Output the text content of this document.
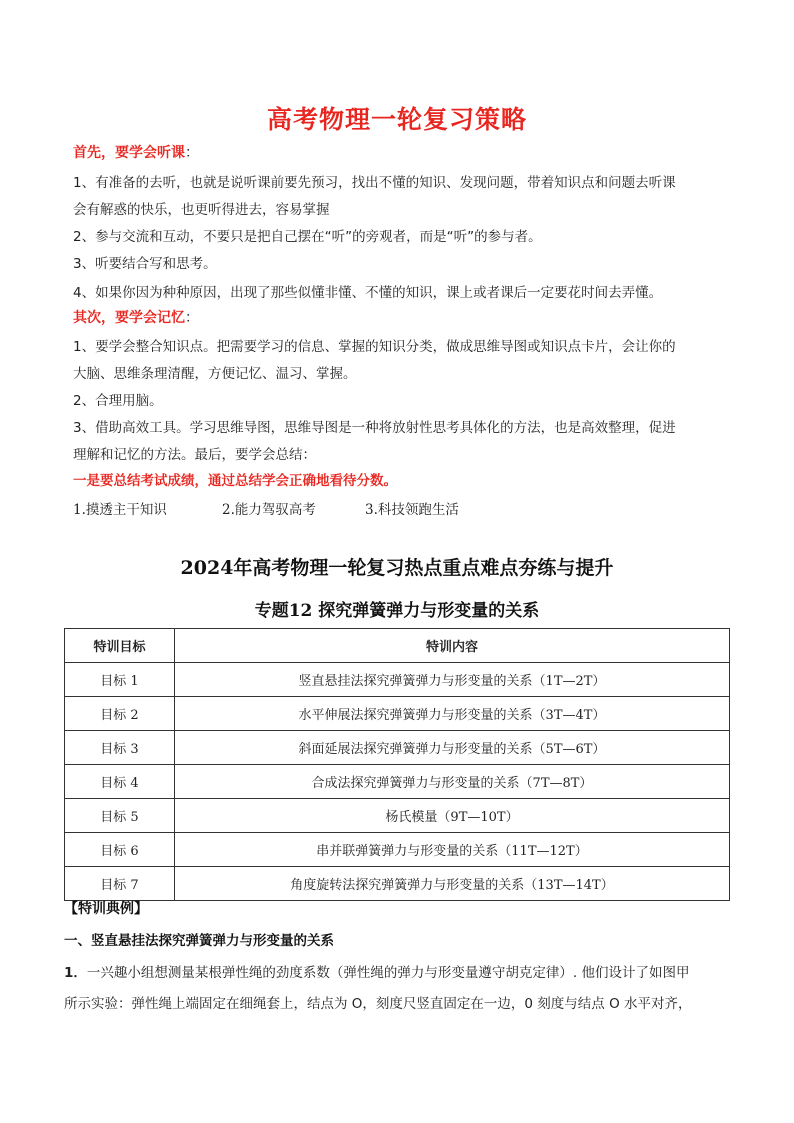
高考物理一轮复习策略
首先，要学会听课：
1、有准备的去听，也就是说听课前要先预习，找出不懂的知识、发现问题，带着知识点和问题去听课
会有解惑的快乐，也更听得进去，容易掌握
2、参与交流和互动，不要只是把自己摆在“听”的旁观者，而是“听”的参与者。
3、听要结合写和思考。
4、如果你因为种种原因，出现了那些似懂非懂、不懂的知识，课上或者课后一定要花时间去弄懂。
其次，要学会记忆：
1、要学会整合知识点。把需要学习的信息、掌握的知识分类，做成思维导图或知识点卡片，会让你的
大脑、思维条理清醒，方便记忆、温习、掌握。
2、合理用脑。
3、借助高效工具。学习思维导图，思维导图是一种将放射性思考具体化的方法，也是高效整理，促进
理解和记忆的方法。最后，要学会总结：
一是要总结考试成绩，通过总结学会正确地看待分数。
1.摸透主干知识	2.能力驾驭高考	3.科技领跑生活
2024年高考物理一轮复习热点重点难点夯练与提升
专题12 探究弹簧弹力与形变量的关系
特训目标	特训内容
目标 1	竖直悬挂法探究弹簧弹力与形变量的关系（1T—2T）
目标 2	水平伸展法探究弹簧弹力与形变量的关系（3T—4T）
目标 3	斜面延展法探究弹簧弹力与形变量的关系（5T—6T）
目标 4	合成法探究弹簧弹力与形变量的关系（7T—8T）
目标 5	杨氏模量（9T—10T）
目标 6	串并联弹簧弹力与形变量的关系（11T—12T）
目标 7	角度旋转法探究弹簧弹力与形变量的关系（13T—14T）
【特训典例】
一、竖直悬挂法探究弹簧弹力与形变量的关系
1．一兴趣小组想测量某根弹性绳的劲度系数（弹性绳的弹力与形变量遵守胡克定律）. 他们设计了如图甲
所示实验：弹性绳上端固定在细绳套上，结点为 O，刻度尺竖直固定在一边，0 刻度与结点 O 水平对齐，
